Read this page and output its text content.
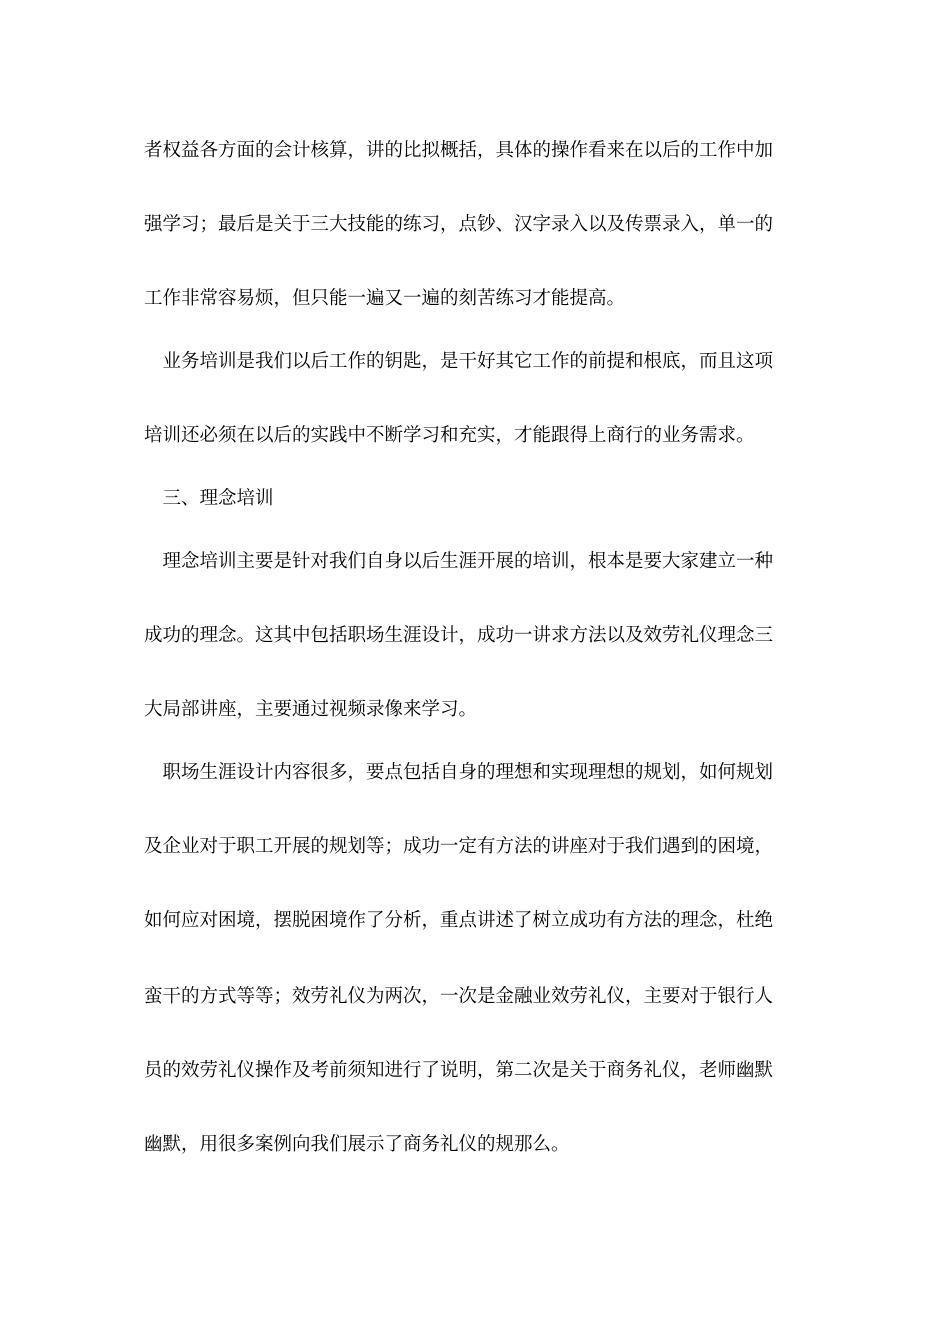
者权益各方面的会计核算，讲的比拟概括，具体的操作看来在以后的工作中加
强学习；最后是关于三大技能的练习，点钞、汉字录入以及传票录入，单一的
工作非常容易烦，但只能一遍又一遍的刻苦练习才能提高。
　业务培训是我们以后工作的钥匙，是干好其它工作的前提和根底，而且这项
培训还必须在以后的实践中不断学习和充实，才能跟得上商行的业务需求。
　三、理念培训
　理念培训主要是针对我们自身以后生涯开展的培训，根本是要大家建立一种
成功的理念。这其中包括职场生涯设计，成功一讲求方法以及效劳礼仪理念三
大局部讲座，主要通过视频录像来学习。
　职场生涯设计内容很多，要点包括自身的理想和实现理想的规划，如何规划
及企业对于职工开展的规划等；成功一定有方法的讲座对于我们遇到的困境，
如何应对困境，摆脱困境作了分析，重点讲述了树立成功有方法的理念，杜绝
蛮干的方式等等；效劳礼仪为两次，一次是金融业效劳礼仪，主要对于银行人
员的效劳礼仪操作及考前须知进行了说明，第二次是关于商务礼仪，老师幽默
幽默，用很多案例向我们展示了商务礼仪的规那么。
